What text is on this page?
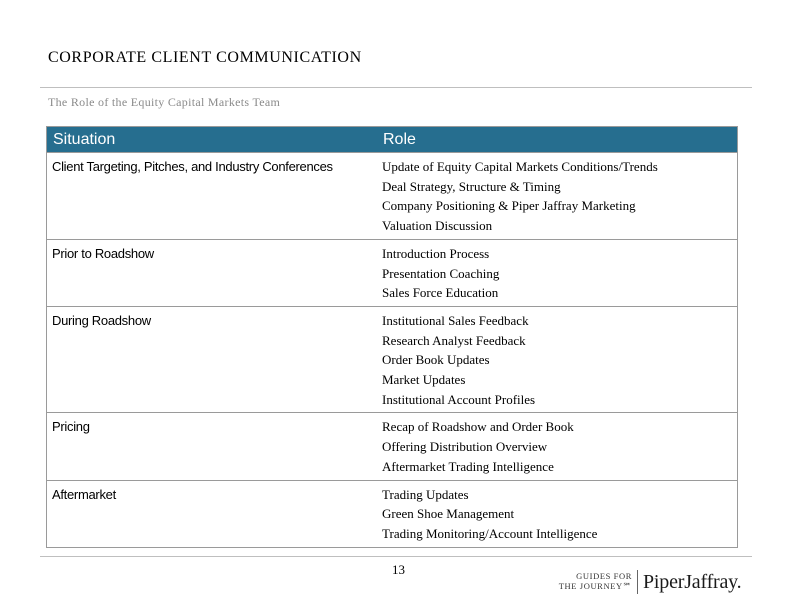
CORPORATE CLIENT COMMUNICATION
The Role of the Equity Capital Markets Team
Situation	Role
Client Targeting, Pitches, and Industry Conferences	Update of Equity Capital Markets Conditions/Trends
Deal Strategy, Structure & Timing
Company Positioning & Piper Jaffray Marketing
Valuation Discussion

Prior to Roadshow	Introduction Process
Presentation Coaching
Sales Force Education

During Roadshow	Institutional Sales Feedback
Research Analyst Feedback
Order Book Updates
Market Updates
Institutional Account Profiles

Pricing	Recap of Roadshow and Order Book
Offering Distribution Overview
Aftermarket Trading Intelligence

Aftermarket	Trading Updates
Green Shoe Management
Trading Monitoring/Account Intelligence
13	GUIDES FOR
THE JOURNEY℠ PiperJaffray.
